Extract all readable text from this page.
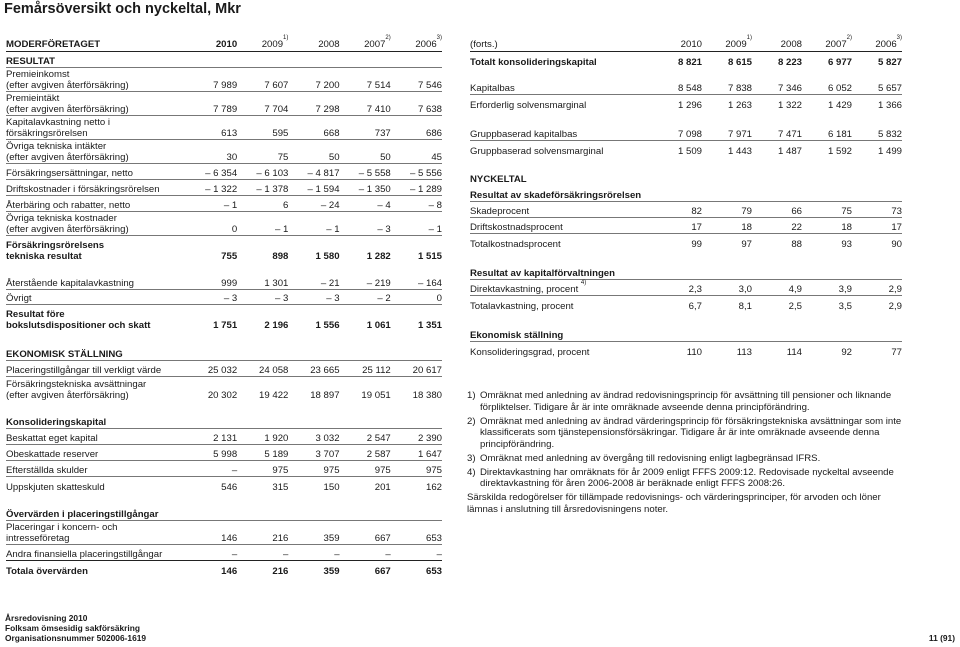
Femårsöversikt och nyckeltal, Mkr
MODERFÖRETAGET	2010	2009$^{1)}$	2008	2007$^{2)}$	2006$^{3)}$
RESULTAT					
Premieinkomst
(efter avgiven återförsäkring)	7 989	7 607	7 200	7 514	7 546
Premieintäkt
(efter avgiven återförsäkring)	7 789	7 704	7 298	7 410	7 638
Kapitalavkastning netto i
försäkringsrörelsen	613	595	668	737	686
Övriga tekniska intäkter
(efter avgiven återförsäkring)	30	75	50	50	45
Försäkringsersättningar, netto	– 6 354	– 6 103	– 4 817	– 5 558	– 5 556
Driftskostnader i försäkringsrörelsen	– 1 322	– 1 378	– 1 594	– 1 350	– 1 289
Återbäring och rabatter, netto	– 1	6	– 24	– 4	– 8
Övriga tekniska kostnader
(efter avgiven återförsäkring)	0	– 1	– 1	– 3	– 1
Försäkringsrörelsens
tekniska resultat	755	898	1 580	1 282	1 515
Återstående kapitalavkastning	999	1 301	– 21	– 219	– 164
Övrigt	– 3	– 3	– 3	– 2	0
Resultat före
bokslutsdispositioner och skatt	1 751	2 196	1 556	1 061	1 351
EKONOMISK STÄLLNING					
Placeringstillgångar till verkligt värde	25 032	24 058	23 665	25 112	20 617
Försäkringstekniska avsättningar
(efter avgiven återförsäkring)	20 302	19 422	18 897	19 051	18 380
Konsolideringskapital					
Beskattat eget kapital	2 131	1 920	3 032	2 547	2 390
Obeskattade reserver	5 998	5 189	3 707	2 587	1 647
Efterställda skulder	–	975	975	975	975
Uppskjuten skatteskuld	546	315	150	201	162
Övervärden i placeringstillgångar					
Placeringar i koncern- och
intresseföretag	146	216	359	667	653
Andra finansiella placeringstillgångar	–	–	–	–	–
Totala övervärden	146	216	359	667	653
(forts.)	2010	2009$^{1)}$	2008	2007$^{2)}$	2006$^{3)}$
Totalt konsolideringskapital	8 821	8 615	8 223	6 977	5 827
Kapitalbas	8 548	7 838	7 346	6 052	5 657
Erforderlig solvensmarginal	1 296	1 263	1 322	1 429	1 366
Gruppbaserad kapitalbas	7 098	7 971	7 471	6 181	5 832
Gruppbaserad solvensmarginal	1 509	1 443	1 487	1 592	1 499
NYCKELTAL					
Resultat av skadeförsäkringsrörelsen					
Skadeprocent	82	79	66	75	73
Driftskostnadsprocent	17	18	22	18	17
Totalkostnadsprocent	99	97	88	93	90
Resultat av kapitalförvaltningen					
Direktavkastning, procent $^{4)}$	2,3	3,0	4,9	3,9	2,9
Totalavkastning, procent	6,7	8,1	2,5	3,5	2,9
Ekonomisk ställning					
Konsolideringsgrad, procent	110	113	114	92	77
1) Omräknat med anledning av ändrad redovisningsprincip för avsättning till pensioner och liknande förpliktelser. Tidigare år är inte omräknade avseende denna principförändring.
2) Omräknat med anledning av ändrad värderingsprincip för försäkringstekniska avsättningar som inte klassificerats som tjänstepensionsförsäkringar. Tidigare år är inte omräknade avseende denna principförändring.
3) Omräknat med anledning av övergång till redovisning enligt lagbegränsad IFRS.
4) Direktavkastning har omräknats för år 2009 enligt FFFS 2009:12. Redovisade nyckeltal avseende direktavkastning för åren 2006-2008 är beräknade enligt FFFS 2008:26.
Särskilda redogörelser för tillämpade redovisnings- och värderingsprinciper, för arvoden och löner lämnas i anslutning till årsredovisningens noter.
Årsredovisning 2010
Folksam ömsesidig sakförsäkring
Organisationsnummer 502006-1619	11 (91)
